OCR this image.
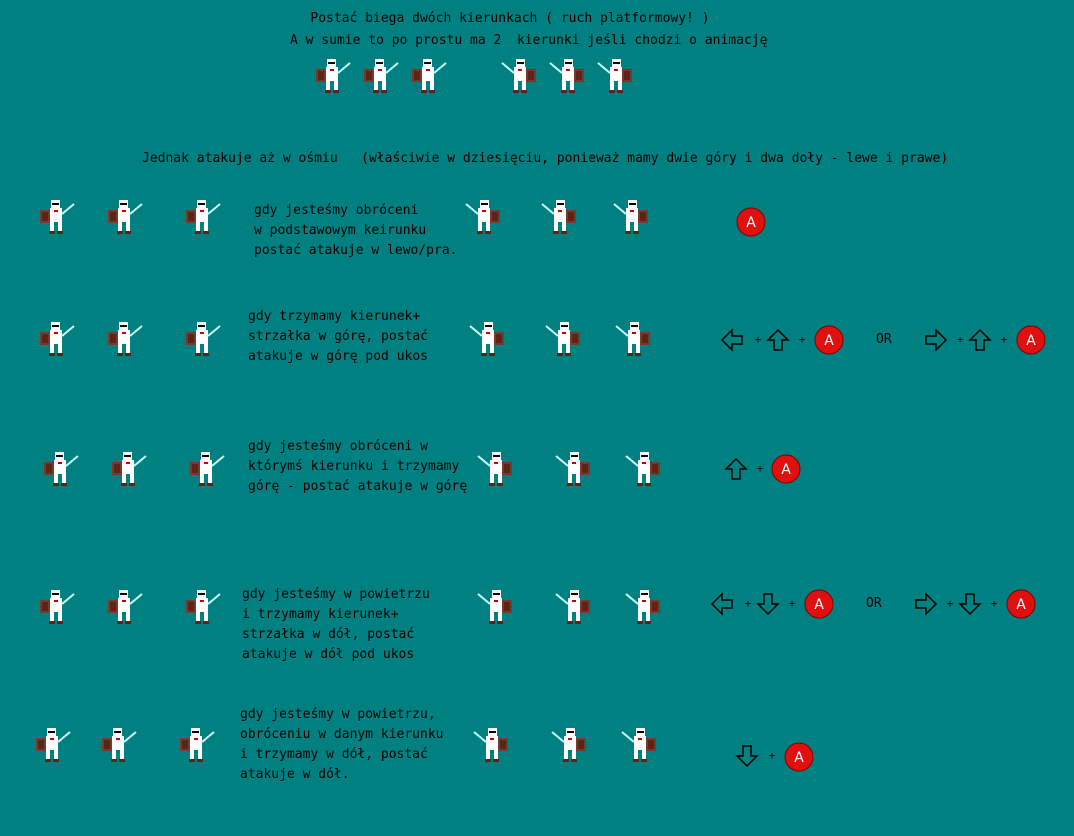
Postać biega dwóch kierunkach ( ruch platformowy! )
A w sumie to po prostu ma 2  kierunki jeśli chodzi o animację
Jednak atakuje aż w ośmiu   (właściwie w dziesięciu, ponieważ mamy dwie góry i dwa doły - lewe i prawe)
gdy jesteśmy obróceni
w podstawowym keirunku
postać atakuje w lewo/pra.
gdy trzymamy kierunek+
strzałka w górę, postać
atakuje w górę pod ukos
+	+	OR	+	+
gdy jesteśmy obróceni w
którymś kierunku i trzymamy
górę - postać atakuje w górę
+
gdy jesteśmy w powietrzu
i trzymamy kierunek+
strzałka w dół, postać
atakuje w dół pod ukos
+	+	OR	+	+
gdy jesteśmy w powietrzu,
obróceniu w danym kierunku
i trzymamy w dół, postać
atakuje w dół.
+
